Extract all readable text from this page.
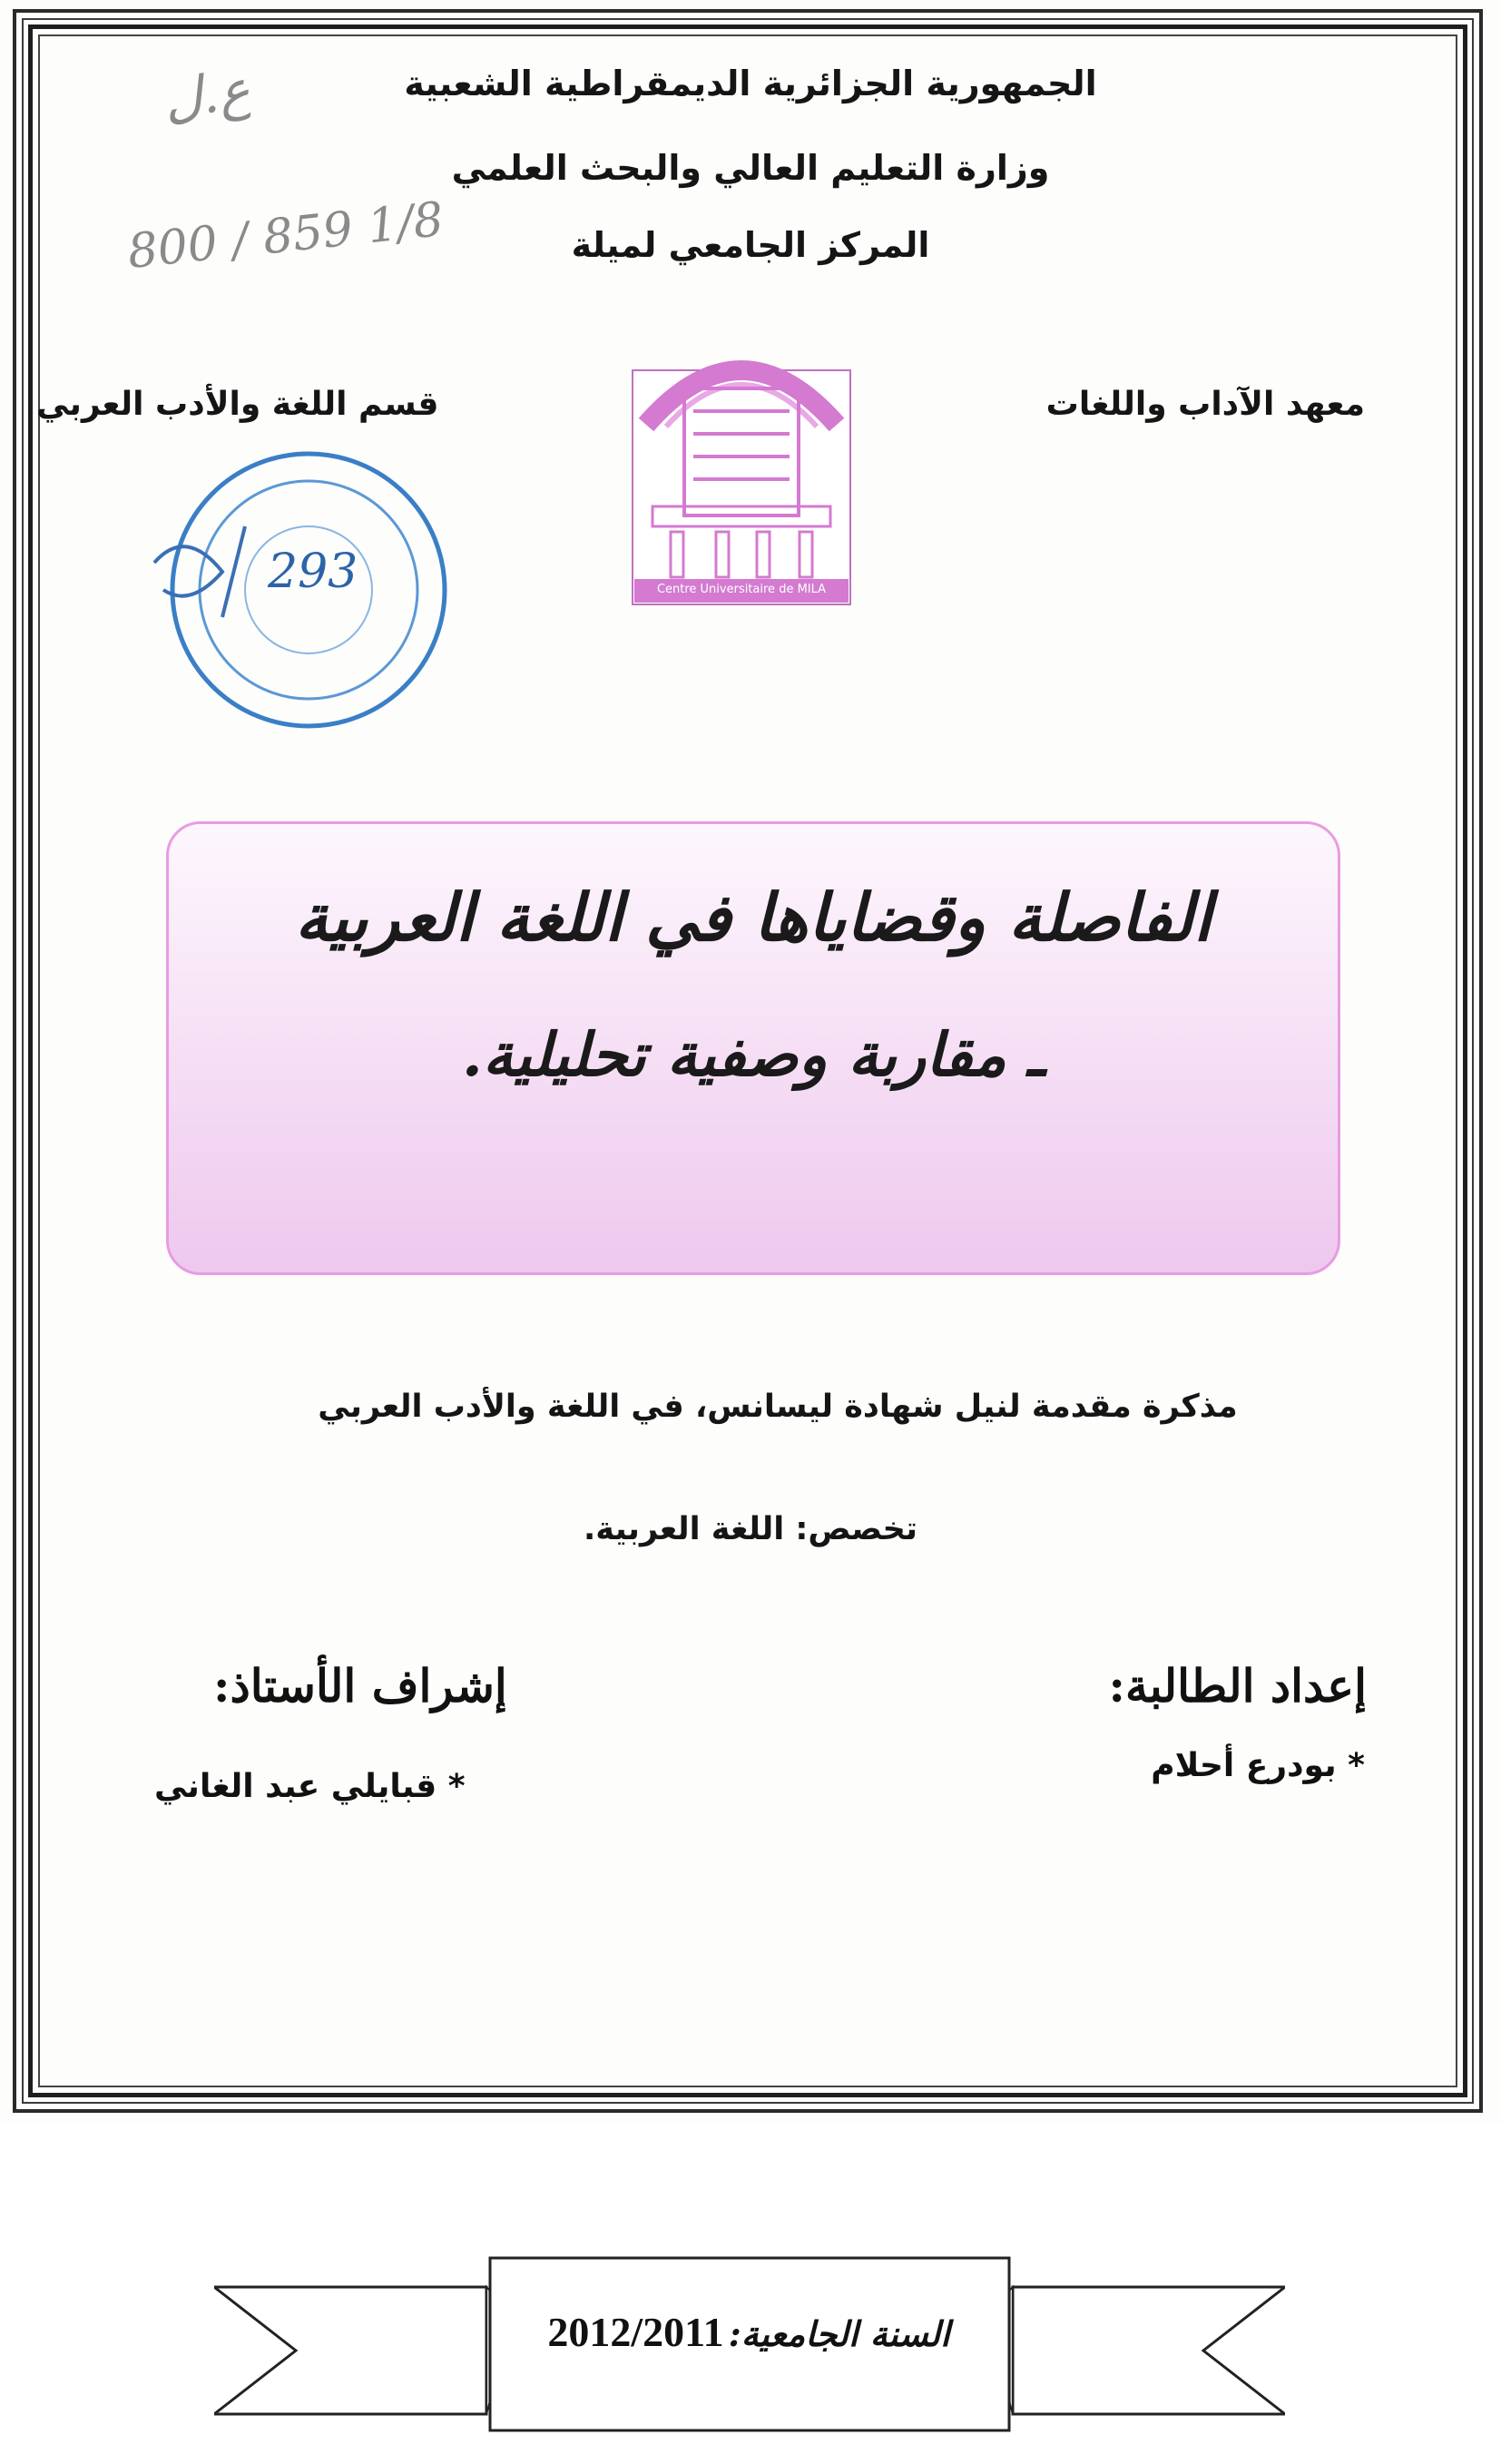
الجمهورية الجزائرية الديمقراطية الشعبية
وزارة التعليم العالي والبحث العلمي
المركز الجامعي لميلة
ع.ل
800 / 859 1/8
معهد الآداب واللغات
قسم اللغة والأدب العربي
Centre Universitaire de MILA
293
الفاصلة وقضاياها في اللغة العربية
ـ مقاربة وصفية تحليلية.
مذكرة مقدمة لنيل شهادة ليسانس، في اللغة والأدب العربي
تخصص: اللغة العربية.
إعداد الطالبة:
إشراف الأستاذ:
* بودرع أحلام
* قبايلي عبد الغاني
السنة الجامعية: 2012/2011
